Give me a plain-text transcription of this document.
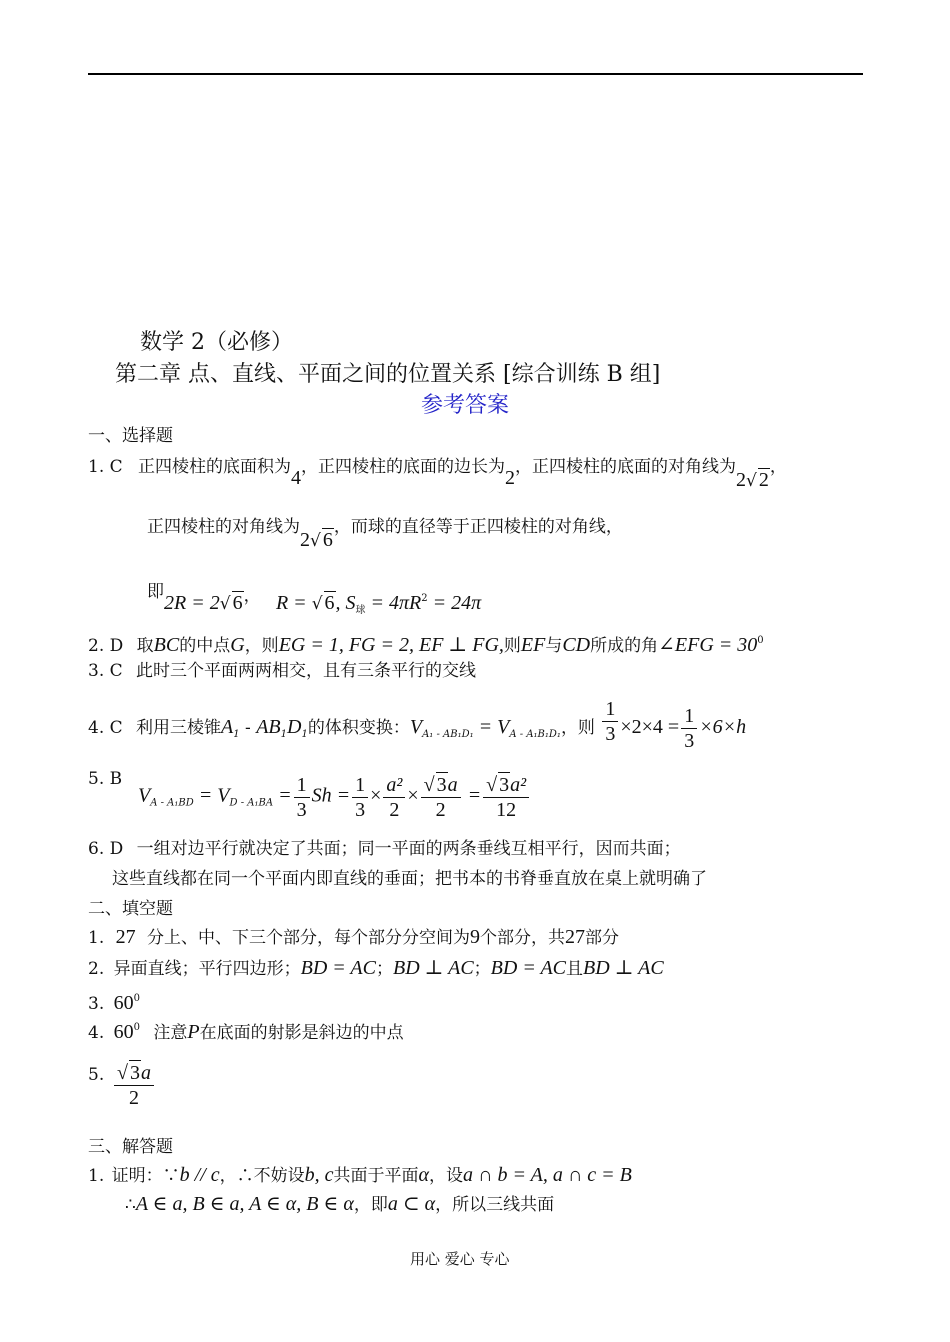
数学 2（必修）
第二章 点、直线、平面之间的位置关系 [综合训练 B 组]
参考答案
一、选择题
1. C 正四棱柱的底面积为4，正四棱柱的底面的边长为2，正四棱柱的底面的对角线为2√ 2，
正四棱柱的对角线为2√ 6，而球的直径等于正四棱柱的对角线，
即2R = 2√ 6， R = √ 6, $S_球 = 4\pi R^2 = 24\pi$
2. D 取BC的中点G，则EG = 1, FG = 2, EF ⊥ FG,则EF与CD所成的角∠EFG = $30^0$
3. C 此时三个平面两两相交，且有三条平行的交线
4. C 利用三棱锥$A_1 - AB_1D_1$的体积变换：$V_{A_1 - AB_1D_1} = V_{A - A_1B_1D_1}$，则 $\frac{1}{3} \times 2\times 4 = \frac{1}{3} \times 6\times h$
5. B
$V_{A - A_1BD} = V_{D - A_1BA} = \frac{1}{3}$ $Sh = \frac{1}{3} \times \frac{\text{a²}}{2} \times \frac{√ 3a}{2} = \frac{\text{√ 3a²}}{12}$
6. D 一组对边平行就决定了共面；同一平面的两条垂线互相平行，因而共面；
这些直线都在同一个平面内即直线的垂面；把书本的书脊垂直放在桌上就明确了
二、填空题
1. 27 分上、中、下三个部分，每个部分分空间为9个部分，共27部分
2. 异面直线；平行四边形；BD = AC；BD ⊥ AC；BD = AC且BD ⊥ AC
3. $60^0$
4. $60^0$ 注意P在底面的射影是斜边的中点
5. $\frac{√ 3a}{2}$
三、解答题
1. 证明：∵b // c，∴不妨设b, c共面于平面α，设a ∩ b = A, a ∩ c = B
∴A ∈ a, B ∈ a, A ∈ α, B ∈ α，即a ⊂ α，所以三线共面
用心 爱心 专心
